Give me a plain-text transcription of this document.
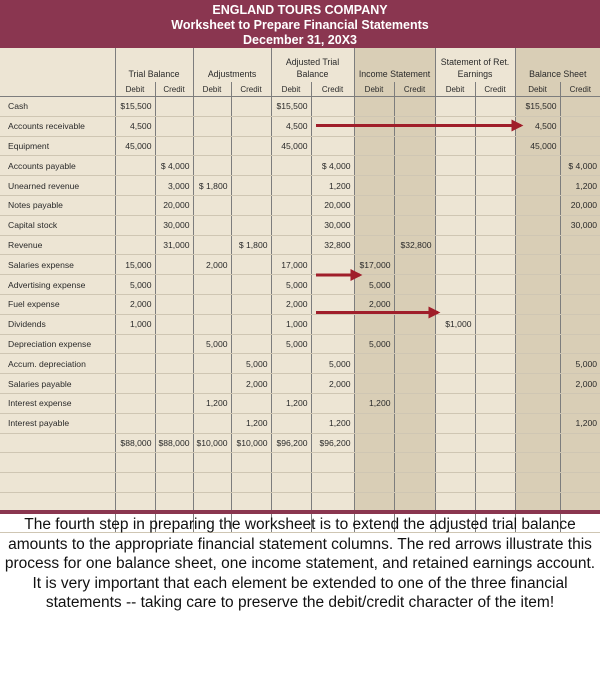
ENGLAND TOURS COMPANY
Worksheet to Prepare Financial Statements
December 31, 20X3
	Trial Balance		Adjustments		Adjusted Trial Balance		Income Statement		Statement of Ret. Earnings		Balance Sheet	
	Debit	Credit	Debit	Credit	Debit	Credit	Debit	Credit	Debit	Credit	Debit	Credit
Cash	$15,500				$15,500						$15,500	
Accounts receivable	4,500				4,500						4,500	
Equipment	45,000				45,000						45,000	
Accounts payable		$ 4,000				$ 4,000						$ 4,000
Unearned revenue		3,000	$ 1,800			1,200						1,200
Notes payable		20,000				20,000						20,000
Capital stock		30,000				30,000						30,000
Revenue		31,000		$ 1,800		32,800		$32,800				
Salaries expense	15,000		2,000		17,000		$17,000					
Advertising expense	5,000				5,000		5,000					
Fuel expense	2,000				2,000		2,000					
Dividends	1,000				1,000				$1,000			
Depreciation expense			5,000		5,000		5,000					
Accum. depreciation				5,000		5,000						5,000
Salaries payable				2,000		2,000						2,000
Interest expense			1,200		1,200		1,200					
Interest payable				1,200		1,200						1,200
	$88,000	$88,000	$10,000	$10,000	$96,200	$96,200						

The fourth step in preparing the worksheet is to extend the adjusted trial balance amounts to the appropriate financial statement columns. The red arrows illustrate this process for one balance sheet, one income statement, and retained earnings account. It is very important that each element be extended to one of the three financial statements -- taking care to preserve the debit/credit character of the item!
